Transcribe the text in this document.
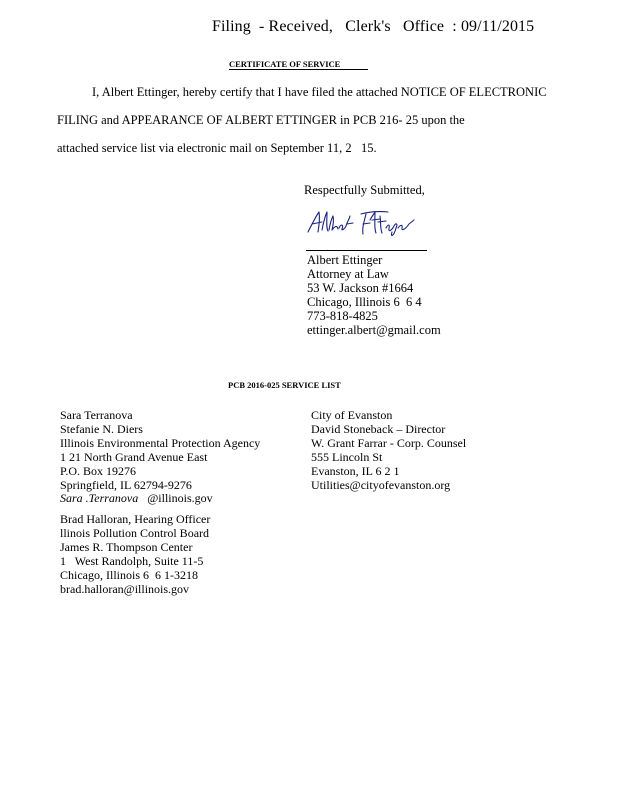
Filing  - Received,   Clerk's   Office  : 09/11/2015
CERTIFICATE OF SERVICE
I, Albert Ettinger, hereby certify that I have filed the attached NOTICE OF ELECTRONIC
FILING and APPEARANCE OF ALBERT ETTINGER in PCB 216- 25 upon the
attached service list via electronic mail on September 11, 2   15.
Respectfully Submitted,
Albert Ettinger
Attorney at Law
53 W. Jackson #1664
Chicago, Illinois 6  6 4
773-818-4825
ettinger.albert@gmail.com
PCB 2016-025 SERVICE LIST
Sara Terranova
Stefanie N. Diers
Illinois Environmental Protection Agency
1 21 North Grand Avenue East
P.O. Box 19276
Springfield, IL 62794-9276
Sara .Terranova   @illinois.gov
Brad Halloran, Hearing Officer
llinois Pollution Control Board
James R. Thompson Center
1   West Randolph, Suite 11-5
Chicago, Illinois 6  6 1-3218
brad.halloran@illinois.gov
City of Evanston
David Stoneback – Director
W. Grant Farrar - Corp. Counsel
555 Lincoln St
Evanston, IL 6 2 1
Utilities@cityofevanston.org
